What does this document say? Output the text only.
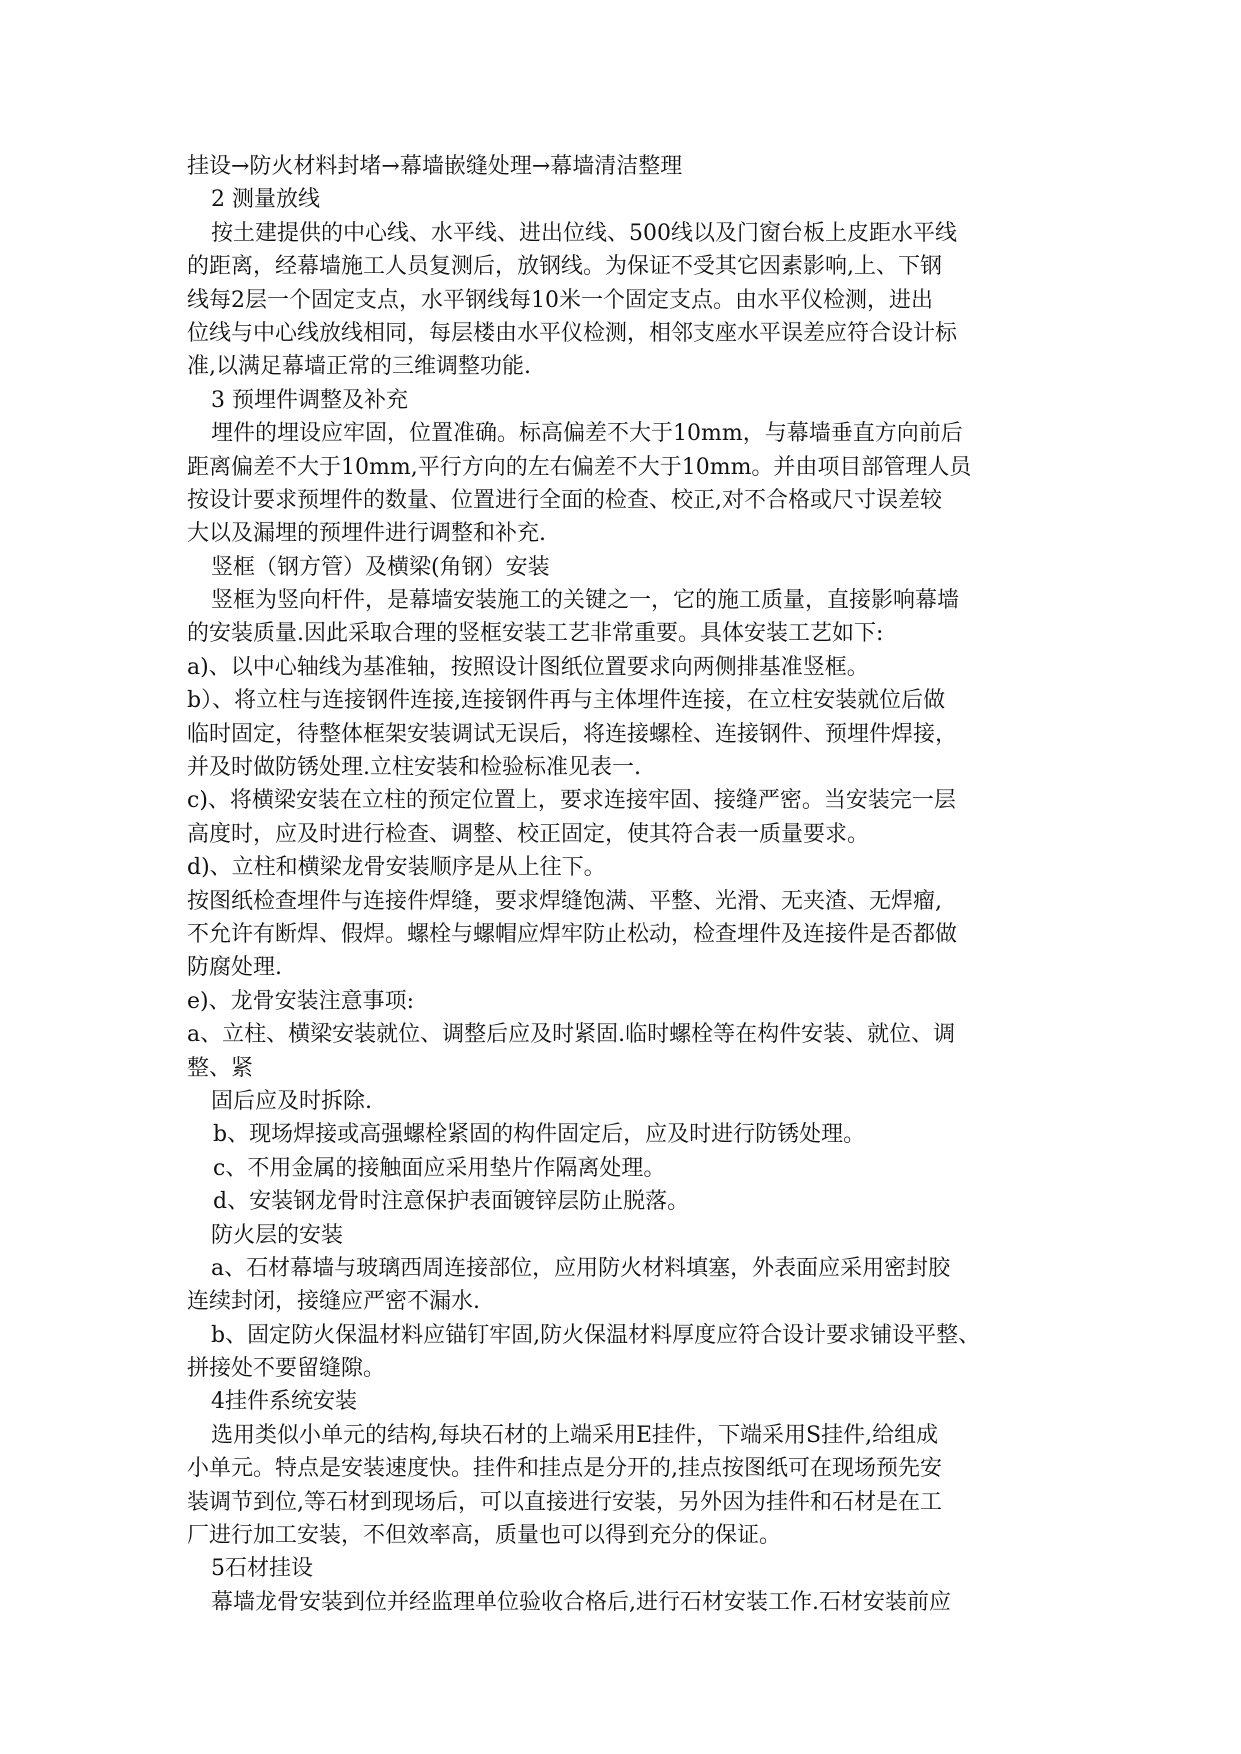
挂设→防火材料封堵→幕墙嵌缝处理→幕墙清洁整理
2 测量放线
按土建提供的中心线、水平线、进出位线、500线以及门窗台板上皮距水平线
的距离，经幕墙施工人员复测后，放钢线。为保证不受其它因素影响,上、下钢
线每2层一个固定支点，水平钢线每10米一个固定支点。由水平仪检测，进出
位线与中心线放线相同，每层楼由水平仪检测，相邻支座水平误差应符合设计标
准,以满足幕墙正常的三维调整功能.
3 预埋件调整及补充
埋件的埋设应牢固，位置准确。标高偏差不大于10mm，与幕墙垂直方向前后
距离偏差不大于10mm,平行方向的左右偏差不大于10mm。并由项目部管理人员
按设计要求预埋件的数量、位置进行全面的检查、校正,对不合格或尺寸误差较
大以及漏埋的预埋件进行调整和补充.
竖框（钢方管）及横梁(角钢）安装
竖框为竖向杆件，是幕墙安装施工的关键之一，它的施工质量，直接影响幕墙
的安装质量.因此采取合理的竖框安装工艺非常重要。具体安装工艺如下:
a)、以中心轴线为基准轴，按照设计图纸位置要求向两侧排基准竖框。
b）、将立柱与连接钢件连接,连接钢件再与主体埋件连接，在立柱安装就位后做
临时固定，待整体框架安装调试无误后，将连接螺栓、连接钢件、预埋件焊接，
并及时做防锈处理.立柱安装和检验标准见表一.
c)、将横梁安装在立柱的预定位置上，要求连接牢固、接缝严密。当安装完一层
高度时，应及时进行检查、调整、校正固定，使其符合表一质量要求。
d)、立柱和横梁龙骨安装顺序是从上往下。
按图纸检查埋件与连接件焊缝，要求焊缝饱满、平整、光滑、无夹渣、无焊瘤,
不允许有断焊、假焊。螺栓与螺帽应焊牢防止松动，检查埋件及连接件是否都做
防腐处理.
e)、龙骨安装注意事项:
a、立柱、横梁安装就位、调整后应及时紧固.临时螺栓等在构件安装、就位、调
整、紧
固后应及时拆除.
b、现场焊接或高强螺栓紧固的构件固定后，应及时进行防锈处理。
c、不用金属的接触面应采用垫片作隔离处理。
d、安装钢龙骨时注意保护表面镀锌层防止脱落。
防火层的安装
a、石材幕墙与玻璃西周连接部位，应用防火材料填塞，外表面应采用密封胶
连续封闭，接缝应严密不漏水.
b、固定防火保温材料应锚钉牢固,防火保温材料厚度应符合设计要求铺设平整、
拼接处不要留缝隙。
4挂件系统安装
选用类似小单元的结构,每块石材的上端采用E挂件，下端采用S挂件,给组成
小单元。特点是安装速度快。挂件和挂点是分开的,挂点按图纸可在现场预先安
装调节到位,等石材到现场后，可以直接进行安装，另外因为挂件和石材是在工
厂进行加工安装，不但效率高，质量也可以得到充分的保证。
5石材挂设
幕墙龙骨安装到位并经监理单位验收合格后,进行石材安装工作.石材安装前应
